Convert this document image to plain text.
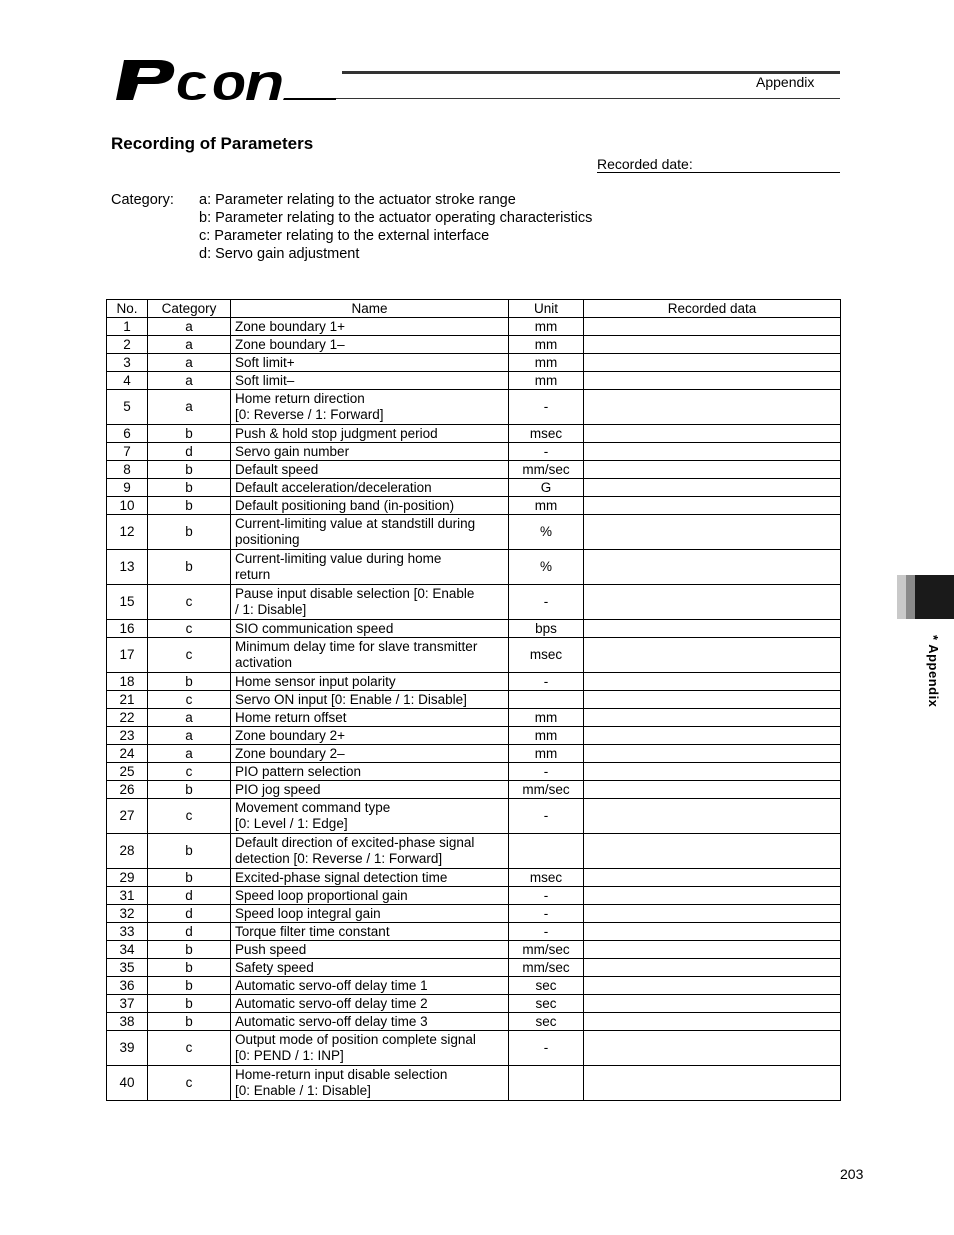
Appendix
Recording of Parameters
Recorded date:
Category: a: Parameter relating to the actuator stroke range
b: Parameter relating to the actuator operating characteristics
c: Parameter relating to the external interface
d: Servo gain adjustment
No.	Category	Name	Unit	Recorded data
1	a	Zone boundary 1+	mm	
2	a	Zone boundary 1–	mm	
3	a	Soft limit+	mm	
4	a	Soft limit–	mm	
5	a	Home return direction
[0: Reverse / 1: Forward]	-	
6	b	Push & hold stop judgment period	msec	
7	d	Servo gain number	-	
8	b	Default speed	mm/sec	
9	b	Default acceleration/deceleration	G	
10	b	Default positioning band (in-position)	mm	
12	b	Current-limiting value at standstill during
positioning	%	
13	b	Current-limiting value during home
return	%	
15	c	Pause input disable selection [0: Enable
/ 1: Disable]	-	
16	c	SIO communication speed	bps	
17	c	Minimum delay time for slave transmitter
activation	msec	
18	b	Home sensor input polarity	-	
21	c	Servo ON input [0: Enable / 1: Disable]		
22	a	Home return offset	mm	
23	a	Zone boundary 2+	mm	
24	a	Zone boundary 2–	mm	
25	c	PIO pattern selection	-	
26	b	PIO jog speed	mm/sec	
27	c	Movement command type
[0: Level / 1: Edge]	-	
28	b	Default direction of excited-phase signal
detection [0: Reverse / 1: Forward]		
29	b	Excited-phase signal detection time	msec	
31	d	Speed loop proportional gain	-	
32	d	Speed loop integral gain	-	
33	d	Torque filter time constant	-	
34	b	Push speed	mm/sec	
35	b	Safety speed	mm/sec	
36	b	Automatic servo-off delay time 1	sec	
37	b	Automatic servo-off delay time 2	sec	
38	b	Automatic servo-off delay time 3	sec	
39	c	Output mode of position complete signal
[0: PEND / 1: INP]	-	
40	c	Home-return input disable selection
[0: Enable / 1: Disable]		
* Appendix
203
